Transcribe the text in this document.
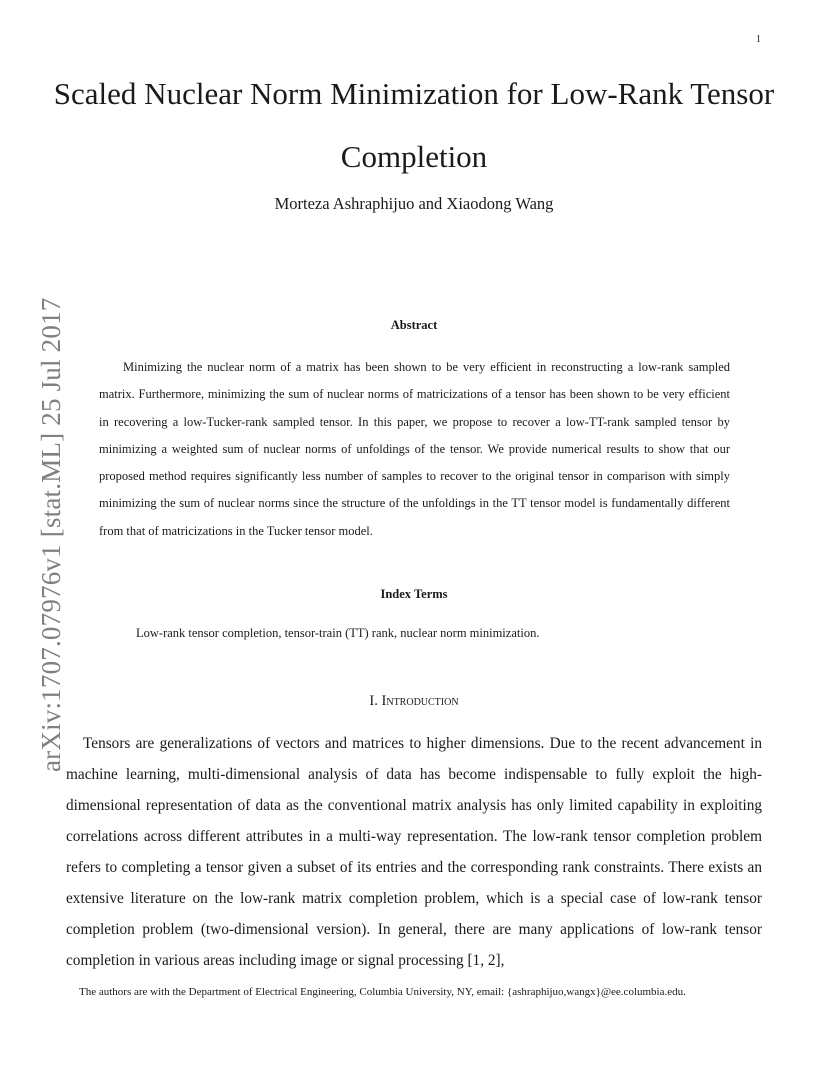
1
arXiv:1707.07976v1 [stat.ML] 25 Jul 2017
Scaled Nuclear Norm Minimization for Low-Rank Tensor Completion
Morteza Ashraphijuo and Xiaodong Wang
Abstract

Minimizing the nuclear norm of a matrix has been shown to be very efficient in reconstructing a low-rank sampled matrix. Furthermore, minimizing the sum of nuclear norms of matricizations of a tensor has been shown to be very efficient in recovering a low-Tucker-rank sampled tensor. In this paper, we propose to recover a low-TT-rank sampled tensor by minimizing a weighted sum of nuclear norms of unfoldings of the tensor. We provide numerical results to show that our proposed method requires significantly less number of samples to recover to the original tensor in comparison with simply minimizing the sum of nuclear norms since the structure of the unfoldings in the TT tensor model is fundamentally different from that of matricizations in the Tucker tensor model.

Index Terms
Low-rank tensor completion, tensor-train (TT) rank, nuclear norm minimization.
I. Introduction

Tensors are generalizations of vectors and matrices to higher dimensions. Due to the recent advancement in machine learning, multi-dimensional analysis of data has become indispensable to fully exploit the high-dimensional representation of data as the conventional matrix analysis has only limited capability in exploiting correlations across different attributes in a multi-way representation. The low-rank tensor completion problem refers to completing a tensor given a subset of its entries and the corresponding rank constraints. There exists an extensive literature on the low-rank matrix completion problem, which is a special case of low-rank tensor completion problem (two-dimensional version). In general, there are many applications of low-rank tensor completion in various areas including image or signal processing [1, 2],

The authors are with the Department of Electrical Engineering, Columbia University, NY, email: {ashraphijuo,wangx}@ee.columbia.edu.
